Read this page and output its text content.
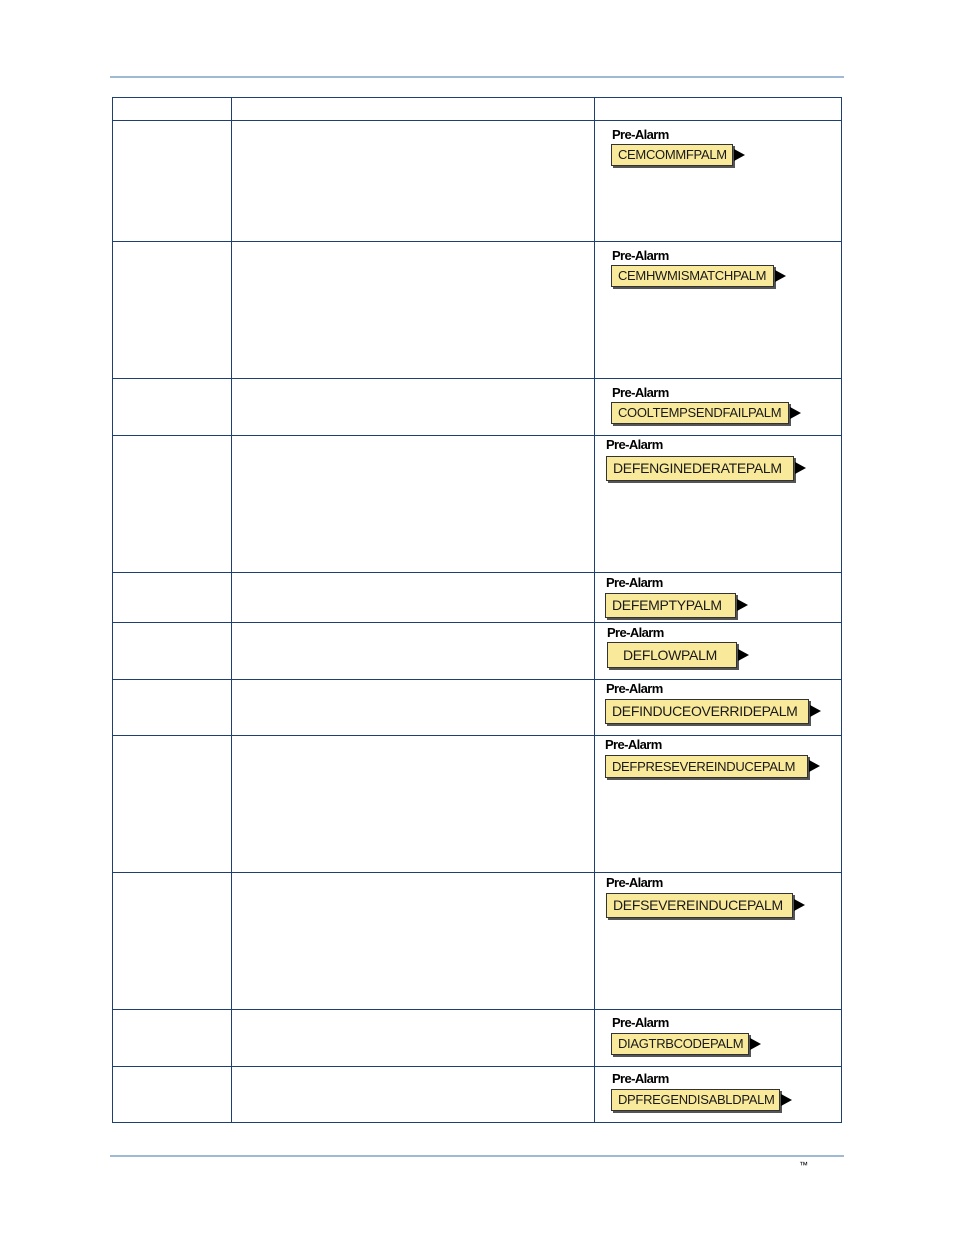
		Pre-Alarm
CEMCOMMFPALM

		Pre-Alarm
CEMHWMISMATCHPALM

		Pre-Alarm
COOLTEMPSENDFAILPALM

		Pre-Alarm
DEFENGINEDERATEPALM

		Pre-Alarm
DEFEMPTYPALM

		Pre-Alarm
DEFLOWPALM

		Pre-Alarm
DEFINDUCEOVERRIDEPALM

		Pre-Alarm
DEFPRESEVEREINDUCEPALM

		Pre-Alarm
DEFSEVEREINDUCEPALM

		Pre-Alarm
DIAGTRBCODEPALM

		Pre-Alarm
DPFREGENDISABLDPALM
™
